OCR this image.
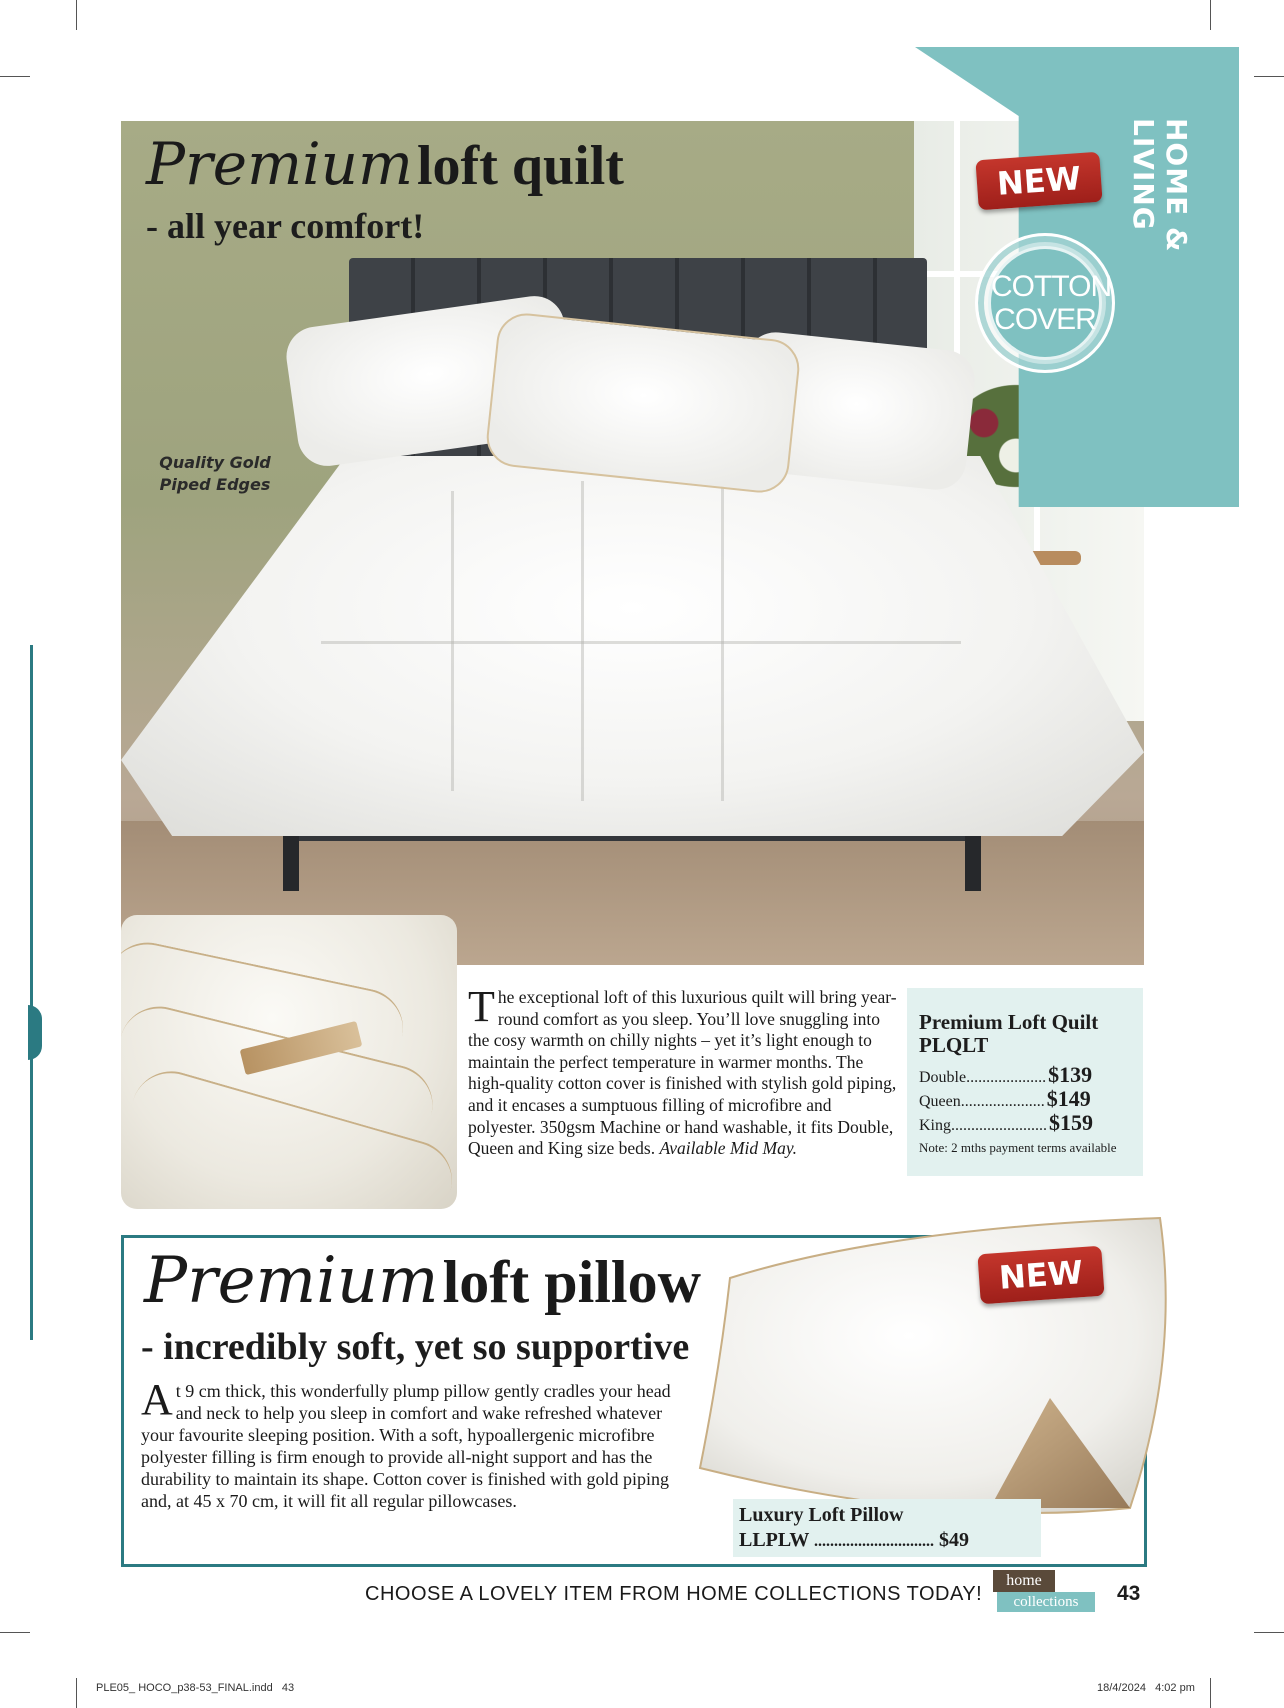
Premium loft quilt
- all year comfort!
Quality Gold
Piped Edges
HOME & LIVING
NEW
COTTON
COVER
The exceptional loft of this luxurious quilt will bring year-round comfort as you sleep. You’ll love snuggling into the cosy warmth on chilly nights – yet it’s light enough to maintain the perfect temperature in warmer months. The high-quality cotton cover is finished with stylish gold piping, and it encases a sumptuous filling of microfibre and polyester. 350gsm Machine or hand washable, it fits Double, Queen and King size beds. Available Mid May.
Premium Loft Quilt
PLQLT
Double .................... $139
Queen ..................... $149
King ........................ $159
Note: 2 mths payment terms available
NEW
Premium loft pillow
- incredibly soft, yet so supportive
At 9 cm thick, this wonderfully plump pillow gently cradles your head and neck to help you sleep in comfort and wake refreshed whatever your favourite sleeping position. With a soft, hypoallergenic microfibre polyester filling is firm enough to provide all-night support and has the durability to maintain its shape. Cotton cover is finished with gold piping and, at 45 x 70 cm, it will fit all regular pillowcases.
Luxury Loft Pillow
LLPLW .............................. $49
CHOOSE A LOVELY ITEM FROM HOME COLLECTIONS TODAY!
home
collections	43
PLE05_ HOCO_p38-53_FINAL.indd   43	18/4/2024   4:02 pm
